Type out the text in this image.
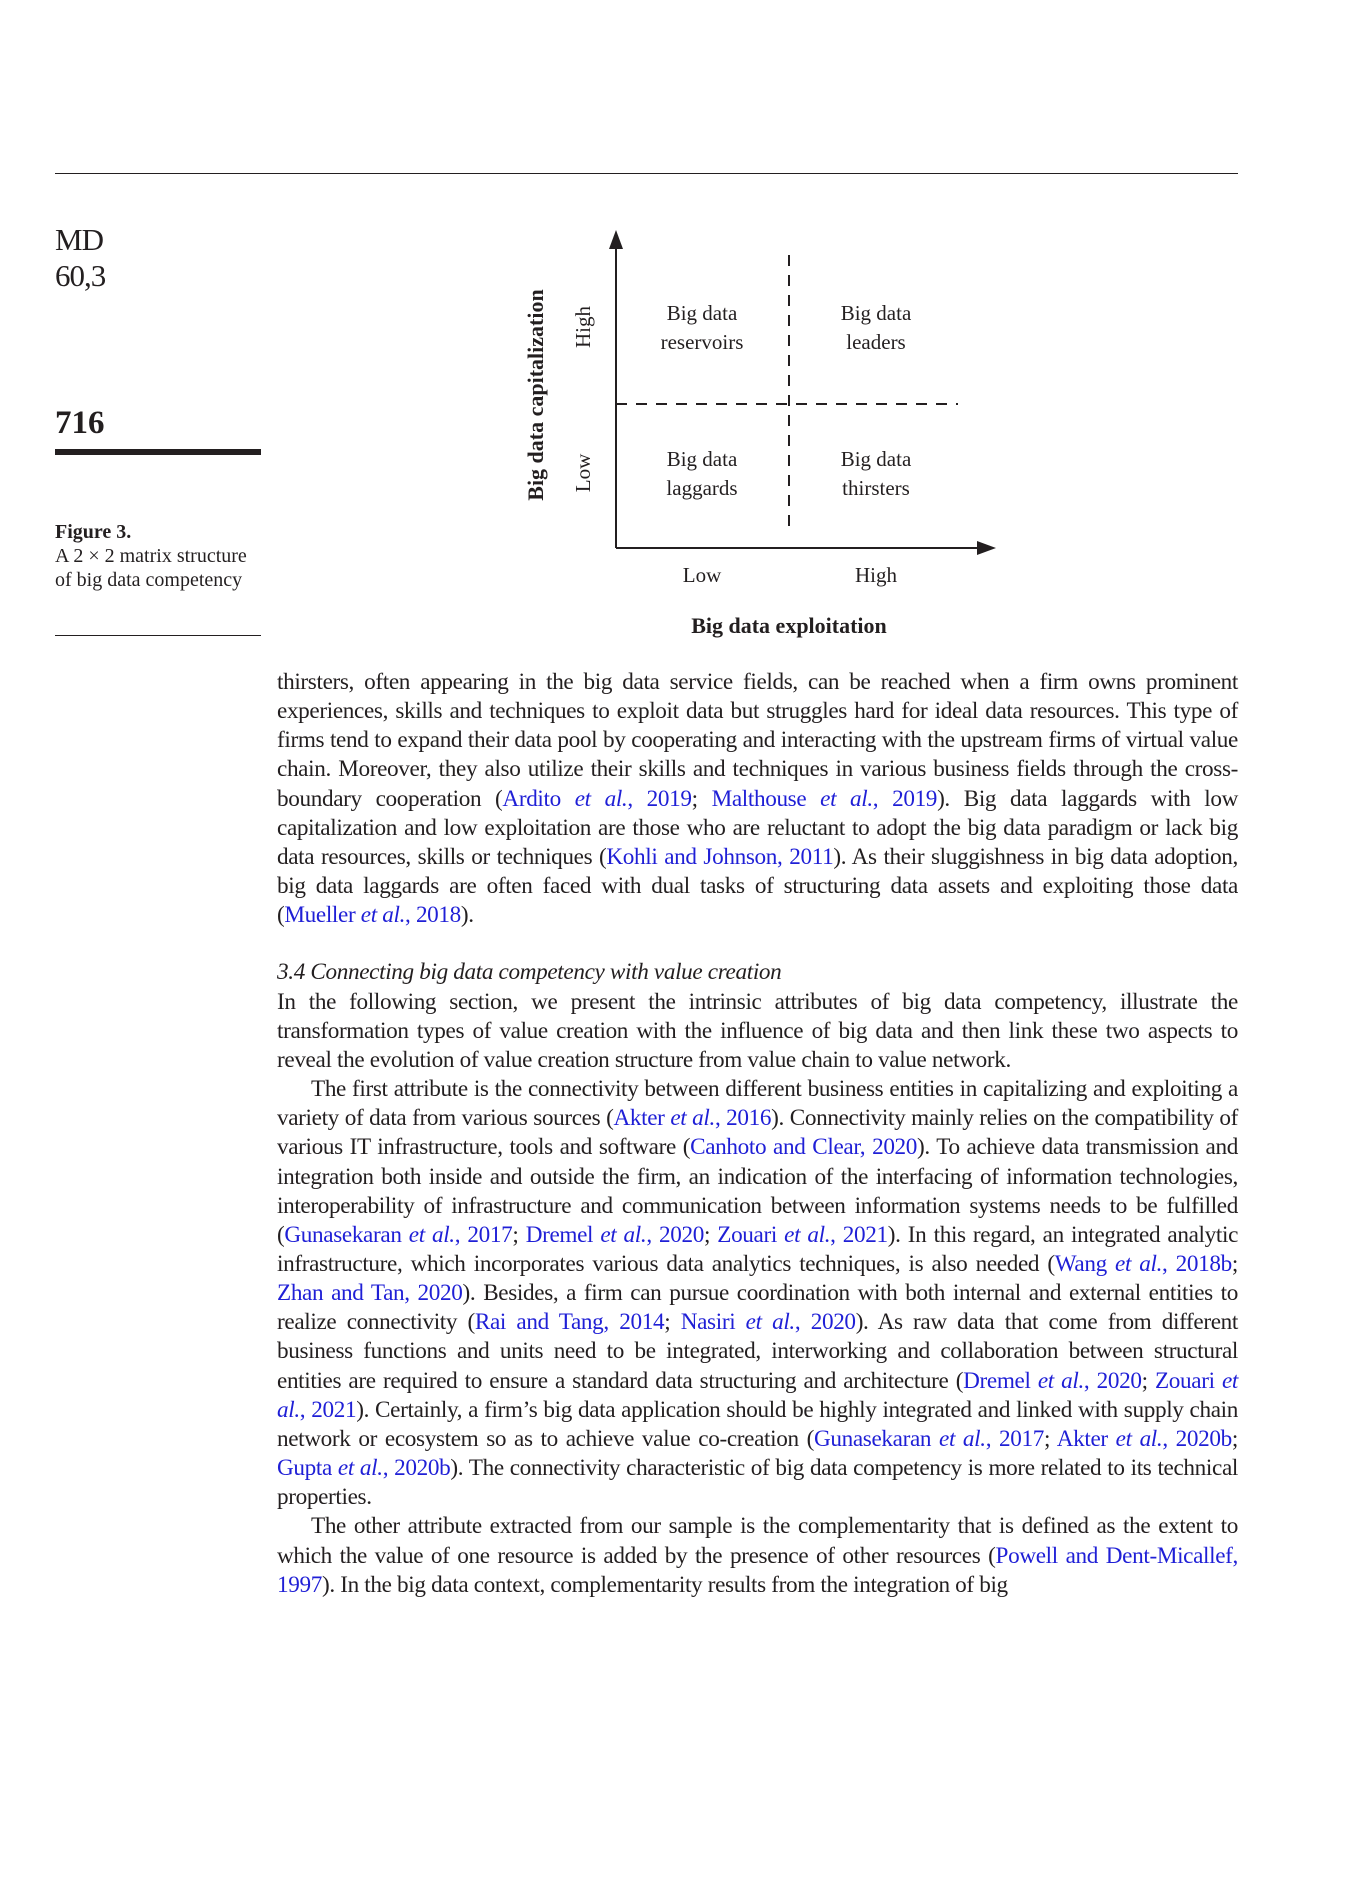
MD
60,3
716
Figure 3.
A 2 × 2 matrix structure of big data competency
Big data capitalization High
Low
Big data
reservoirs
Big data
leaders
Big data
laggards
Big data
thirsters
Low	High
Big data exploitation

thirsters, often appearing in the big data service fields, can be reached when a firm owns prominent experiences, skills and techniques to exploit data but struggles hard for ideal data resources. This type of firms tend to expand their data pool by cooperating and interacting with the upstream firms of virtual value chain. Moreover, they also utilize their skills and techniques in various business fields through the cross-boundary cooperation (Ardito et al., 2019; Malthouse et al., 2019). Big data laggards with low capitalization and low exploitation are those who are reluctant to adopt the big data paradigm or lack big data resources, skills or techniques (Kohli and Johnson, 2011). As their sluggishness in big data adoption, big data laggards are often faced with dual tasks of structuring data assets and exploiting those data (Mueller et al., 2018).

3.4 Connecting big data competency with value creation

In the following section, we present the intrinsic attributes of big data competency, illustrate the transformation types of value creation with the influence of big data and then link these two aspects to reveal the evolution of value creation structure from value chain to value network.

The first attribute is the connectivity between different business entities in capitalizing and exploiting a variety of data from various sources (Akter et al., 2016). Connectivity mainly relies on the compatibility of various IT infrastructure, tools and software (Canhoto and Clear, 2020). To achieve data transmission and integration both inside and outside the firm, an indication of the interfacing of information technologies, interoperability of infrastructure and communication between information systems needs to be fulfilled (Gunasekaran et al., 2017; Dremel et al., 2020; Zouari et al., 2021). In this regard, an integrated analytic infrastructure, which incorporates various data analytics techniques, is also needed (Wang et al., 2018b; Zhan and Tan, 2020). Besides, a firm can pursue coordination with both internal and external entities to realize connectivity (Rai and Tang, 2014; Nasiri et al., 2020). As raw data that come from different business functions and units need to be integrated, interworking and collaboration between structural entities are required to ensure a standard data structuring and architecture (Dremel et al., 2020; Zouari et al., 2021). Certainly, a firm’s big data application should be highly integrated and linked with supply chain network or ecosystem so as to achieve value co-creation (Gunasekaran et al., 2017; Akter et al., 2020b; Gupta et al., 2020b). The connectivity characteristic of big data competency is more related to its technical properties.

The other attribute extracted from our sample is the complementarity that is defined as the extent to which the value of one resource is added by the presence of other resources (Powell and Dent-Micallef, 1997). In the big data context, complementarity results from the integration of big
